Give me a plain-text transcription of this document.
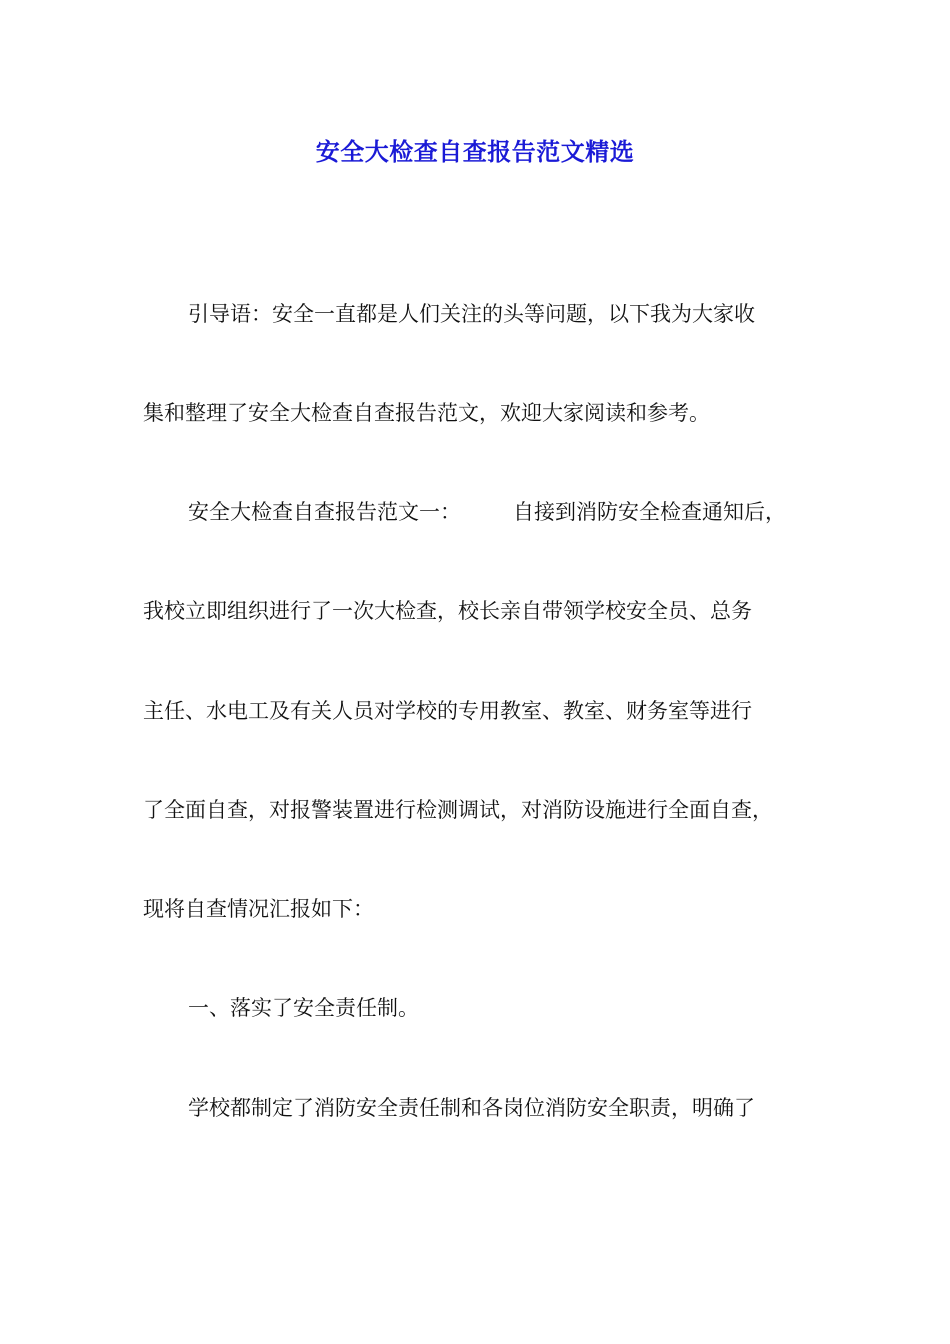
安全大检查自查报告范文精选
引导语：安全一直都是人们关注的头等问题，以下我为大家收
集和整理了安全大检查自查报告范文，欢迎大家阅读和参考。
安全大检查自查报告范文一： 自接到消防安全检查通知后，
我校立即组织进行了一次大检查，校长亲自带领学校安全员、总务
主任、水电工及有关人员对学校的专用教室、教室、财务室等进行
了全面自查，对报警装置进行检测调试，对消防设施进行全面自查，
现将自查情况汇报如下：
一、落实了安全责任制。
学校都制定了消防安全责任制和各岗位消防安全职责，明确了
